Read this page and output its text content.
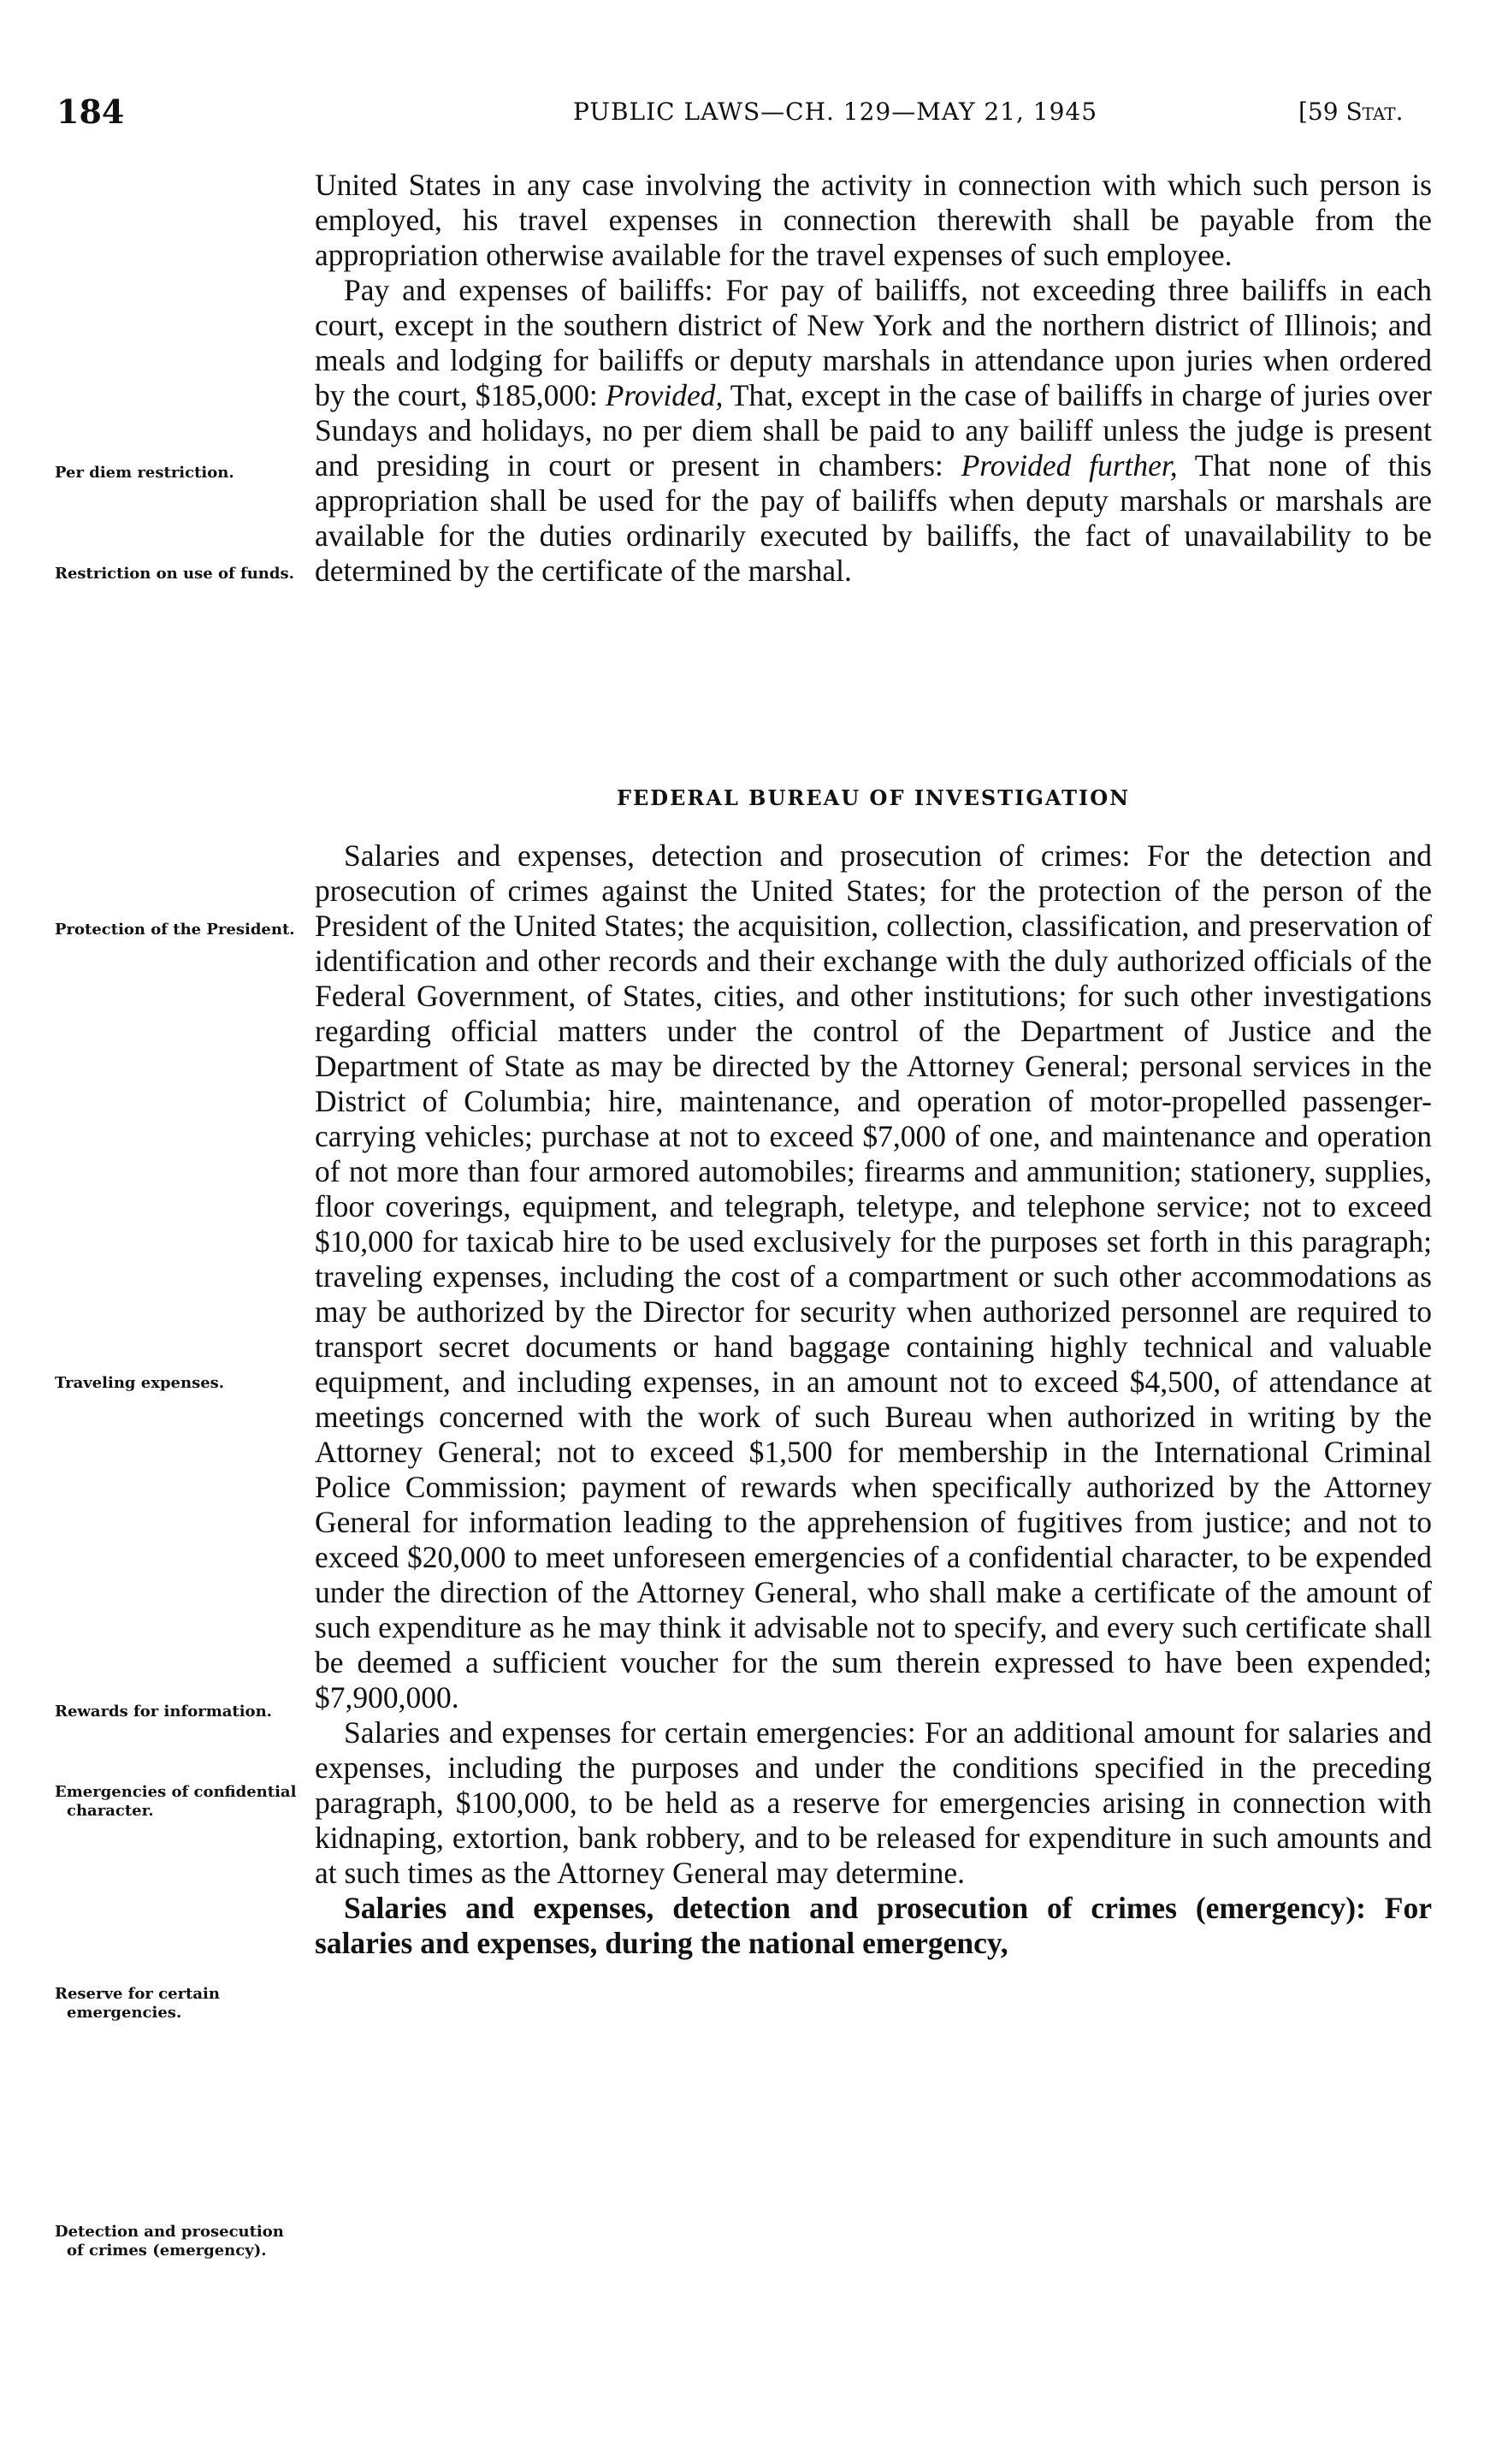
184	PUBLIC LAWS—CH. 129—MAY 21, 1945	[59 Stat.
Per diem restriction.
Restriction on use of funds.
Protection of the President.
Traveling expenses.
Rewards for information.
Emergencies of confidential character.
Reserve for certain emergencies.
Detection and prosecution of crimes (emergency).

United States in any case involving the activity in connection with which such person is employed, his travel expenses in connection therewith shall be payable from the appropriation otherwise available for the travel expenses of such employee.

Pay and expenses of bailiffs: For pay of bailiffs, not exceeding three bailiffs in each court, except in the southern district of New York and the northern district of Illinois; and meals and lodging for bailiffs or deputy marshals in attendance upon juries when ordered by the court, $185,000: Provided, That, except in the case of bailiffs in charge of juries over Sundays and holidays, no per diem shall be paid to any bailiff unless the judge is present and presiding in court or present in chambers: Provided further, That none of this appropriation shall be used for the pay of bailiffs when deputy marshals or marshals are available for the duties ordinarily executed by bailiffs, the fact of unavailability to be determined by the certificate of the marshal.

FEDERAL BUREAU OF INVESTIGATION

Salaries and expenses, detection and prosecution of crimes: For the detection and prosecution of crimes against the United States; for the protection of the person of the President of the United States; the acquisition, collection, classification, and preservation of identification and other records and their exchange with the duly authorized officials of the Federal Government, of States, cities, and other institutions; for such other investigations regarding official matters under the control of the Department of Justice and the Department of State as may be directed by the Attorney General; personal services in the District of Columbia; hire, maintenance, and operation of motor-propelled passenger-carrying vehicles; purchase at not to exceed $7,000 of one, and maintenance and operation of not more than four armored automobiles; firearms and ammunition; stationery, supplies, floor coverings, equipment, and telegraph, teletype, and telephone service; not to exceed $10,000 for taxicab hire to be used exclusively for the purposes set forth in this paragraph; traveling expenses, including the cost of a compartment or such other accommodations as may be authorized by the Director for security when authorized personnel are required to transport secret documents or hand baggage containing highly technical and valuable equipment, and including expenses, in an amount not to exceed $4,500, of attendance at meetings concerned with the work of such Bureau when authorized in writing by the Attorney General; not to exceed $1,500 for membership in the International Criminal Police Commission; payment of rewards when specifically authorized by the Attorney General for information leading to the apprehension of fugitives from justice; and not to exceed $20,000 to meet unforeseen emergencies of a confidential character, to be expended under the direction of the Attorney General, who shall make a certificate of the amount of such expenditure as he may think it advisable not to specify, and every such certificate shall be deemed a sufficient voucher for the sum therein expressed to have been expended; $7,900,000.

Salaries and expenses for certain emergencies: For an additional amount for salaries and expenses, including the purposes and under the conditions specified in the preceding paragraph, $100,000, to be held as a reserve for emergencies arising in connection with kidnaping, extortion, bank robbery, and to be released for expenditure in such amounts and at such times as the Attorney General may determine.

Salaries and expenses, detection and prosecution of crimes (emergency): For salaries and expenses, during the national emergency,
